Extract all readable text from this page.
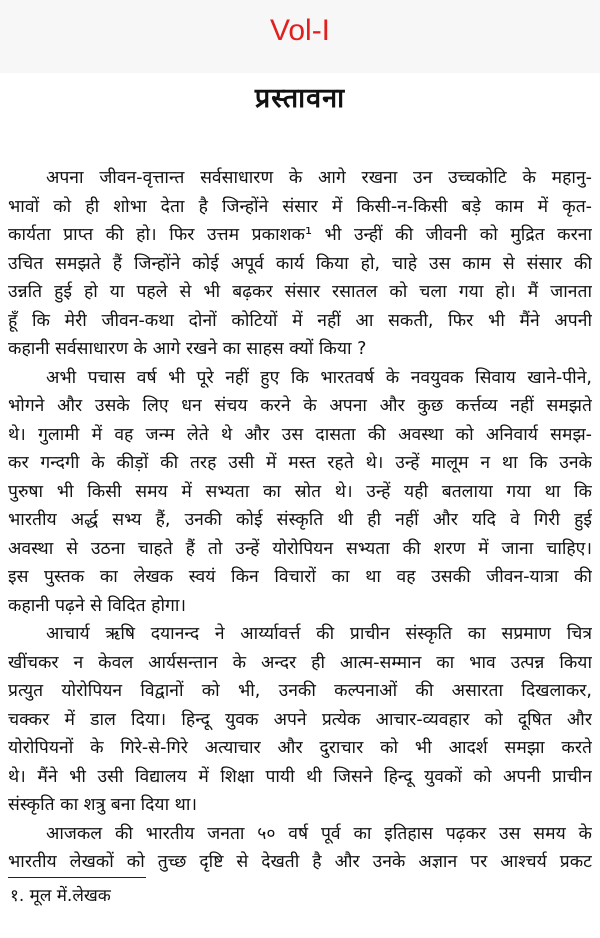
Vol-I
प्रस्तावना
अपना जीवन-वृत्तान्त सर्वसाधारण के आगे रखना उन उच्चकोटि के महानु-
भावों को ही शोभा देता है जिन्होंने संसार में किसी-न-किसी बड़े काम में कृत-
कार्यता प्राप्त की हो। फिर उत्तम प्रकाशक¹ भी उन्हीं की जीवनी को मुद्रित करना
उचित समझते हैं जिन्होंने कोई अपूर्व कार्य किया हो, चाहे उस काम से संसार की
उन्नति हुई हो या पहले से भी बढ़कर संसार रसातल को चला गया हो। मैं जानता
हूँ कि मेरी जीवन-कथा दोनों कोटियों में नहीं आ सकती, फिर भी मैंने अपनी
कहानी सर्वसाधारण के आगे रखने का साहस क्यों किया ?
अभी पचास वर्ष भी पूरे नहीं हुए कि भारतवर्ष के नवयुवक सिवाय खाने-पीने,
भोगने और उसके लिए धन संचय करने के अपना और कुछ कर्त्तव्य नहीं समझते
थे। गुलामी में वह जन्म लेते थे और उस दासता की अवस्था को अनिवार्य समझ-
कर गन्दगी के कीड़ों की तरह उसी में मस्त रहते थे। उन्हें मालूम न था कि उनके
पुरुषा भी किसी समय में सभ्यता का स्रोत थे। उन्हें यही बतलाया गया था कि
भारतीय अर्द्ध सभ्य हैं, उनकी कोई संस्कृति थी ही नहीं और यदि वे गिरी हुई
अवस्था से उठना चाहते हैं तो उन्हें योरोपियन सभ्यता की शरण में जाना चाहिए।
इस पुस्तक का लेखक स्वयं किन विचारों का था वह उसकी जीवन-यात्रा की
कहानी पढ़ने से विदित होगा।
आचार्य ऋषि दयानन्द ने आर्य्यावर्त्त की प्राचीन संस्कृति का सप्रमाण चित्र
खींचकर न केवल आर्यसन्तान के अन्दर ही आत्म-सम्मान का भाव उत्पन्न किया
प्रत्युत योरोपियन विद्वानों को भी, उनकी कल्पनाओं की असारता दिखलाकर,
चक्कर में डाल दिया। हिन्दू युवक अपने प्रत्येक आचार-व्यवहार को दूषित और
योरोपियनों के गिरे-से-गिरे अत्याचार और दुराचार को भी आदर्श समझा करते
थे। मैंने भी उसी विद्यालय में शिक्षा पायी थी जिसने हिन्दू युवकों को अपनी प्राचीन
संस्कृति का शत्रु बना दिया था।
आजकल की भारतीय जनता ५० वर्ष पूर्व का इतिहास पढ़कर उस समय के
भारतीय लेखकों को तुच्छ दृष्टि से देखती है और उनके अज्ञान पर आश्चर्य प्रकट
१. मूल में.लेखक
